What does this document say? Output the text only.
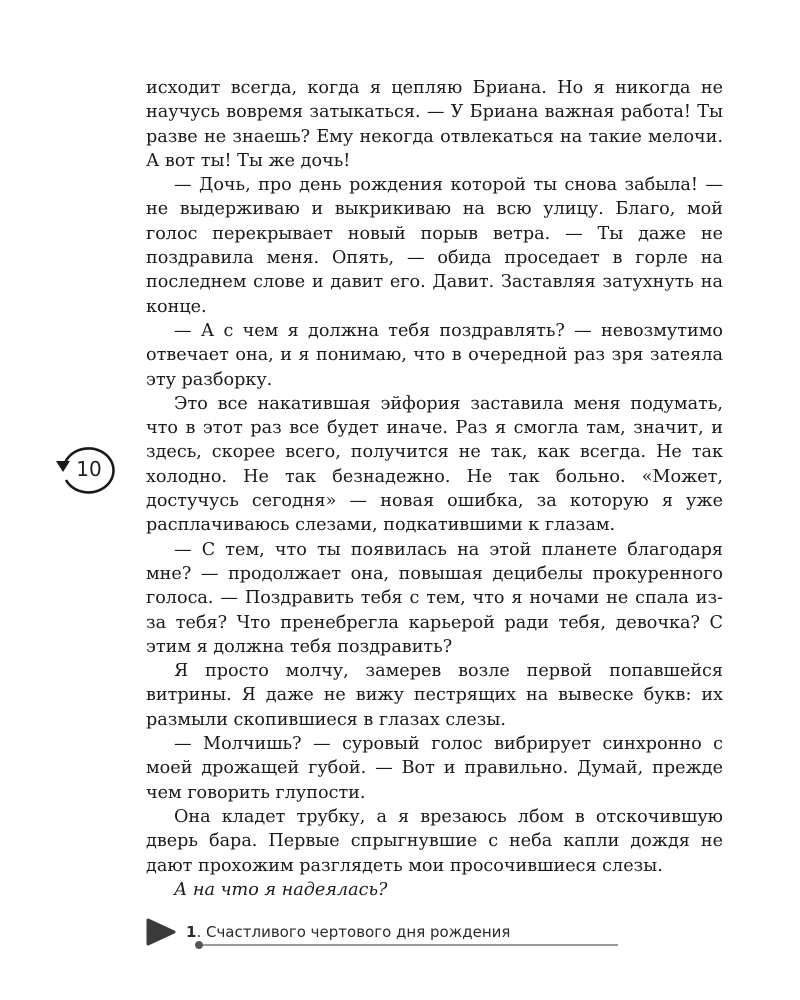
исходит всегда, когда я цепляю Бриана. Но я никогда не научусь вовремя затыкаться. — У Бриана важная работа! Ты разве не знаешь? Ему некогда отвлекаться на такие мелочи. А вот ты! Ты же дочь!

— Дочь, про день рождения которой ты снова забыла! — не выдерживаю и выкрикиваю на всю улицу. Благо, мой голос перекрывает новый порыв ветра. — Ты даже не поздравила меня. Опять, — обида проседает в горле на последнем слове и давит его. Давит. Заставляя затухнуть на конце.

— А с чем я должна тебя поздравлять? — невозмутимо отвечает она, и я понимаю, что в очередной раз зря затеяла эту разборку.

Это все накатившая эйфория заставила меня подумать, что в этот раз все будет иначе. Раз я смогла там, значит, и здесь, скорее всего, получится не так, как всегда. Не так холодно. Не так безнадежно. Не так больно. «Может, достучусь сегодня» — новая ошибка, за которую я уже расплачиваюсь слезами, подкатившими к глазам.

— С тем, что ты появилась на этой планете благодаря мне? — продолжает она, повышая децибелы прокуренного голоса. — Поздравить тебя с тем, что я ночами не спала из-за тебя? Что пренебрегла карьерой ради тебя, девочка? С этим я должна тебя поздравить?

Я просто молчу, замерев возле первой попавшейся витрины. Я даже не вижу пестрящих на вывеске букв: их размыли скопившиеся в глазах слезы.

— Молчишь? — суровый голос вибрирует синхронно с моей дрожащей губой. — Вот и правильно. Думай, прежде чем говорить глупости.

Она кладет трубку, а я врезаюсь лбом в отскочившую дверь бара. Первые спрыгнувшие с неба капли дождя не дают прохожим разглядеть мои просочившиеся слезы.

А на что я надеялась?

10
1. Счастливого чертового дня рождения
